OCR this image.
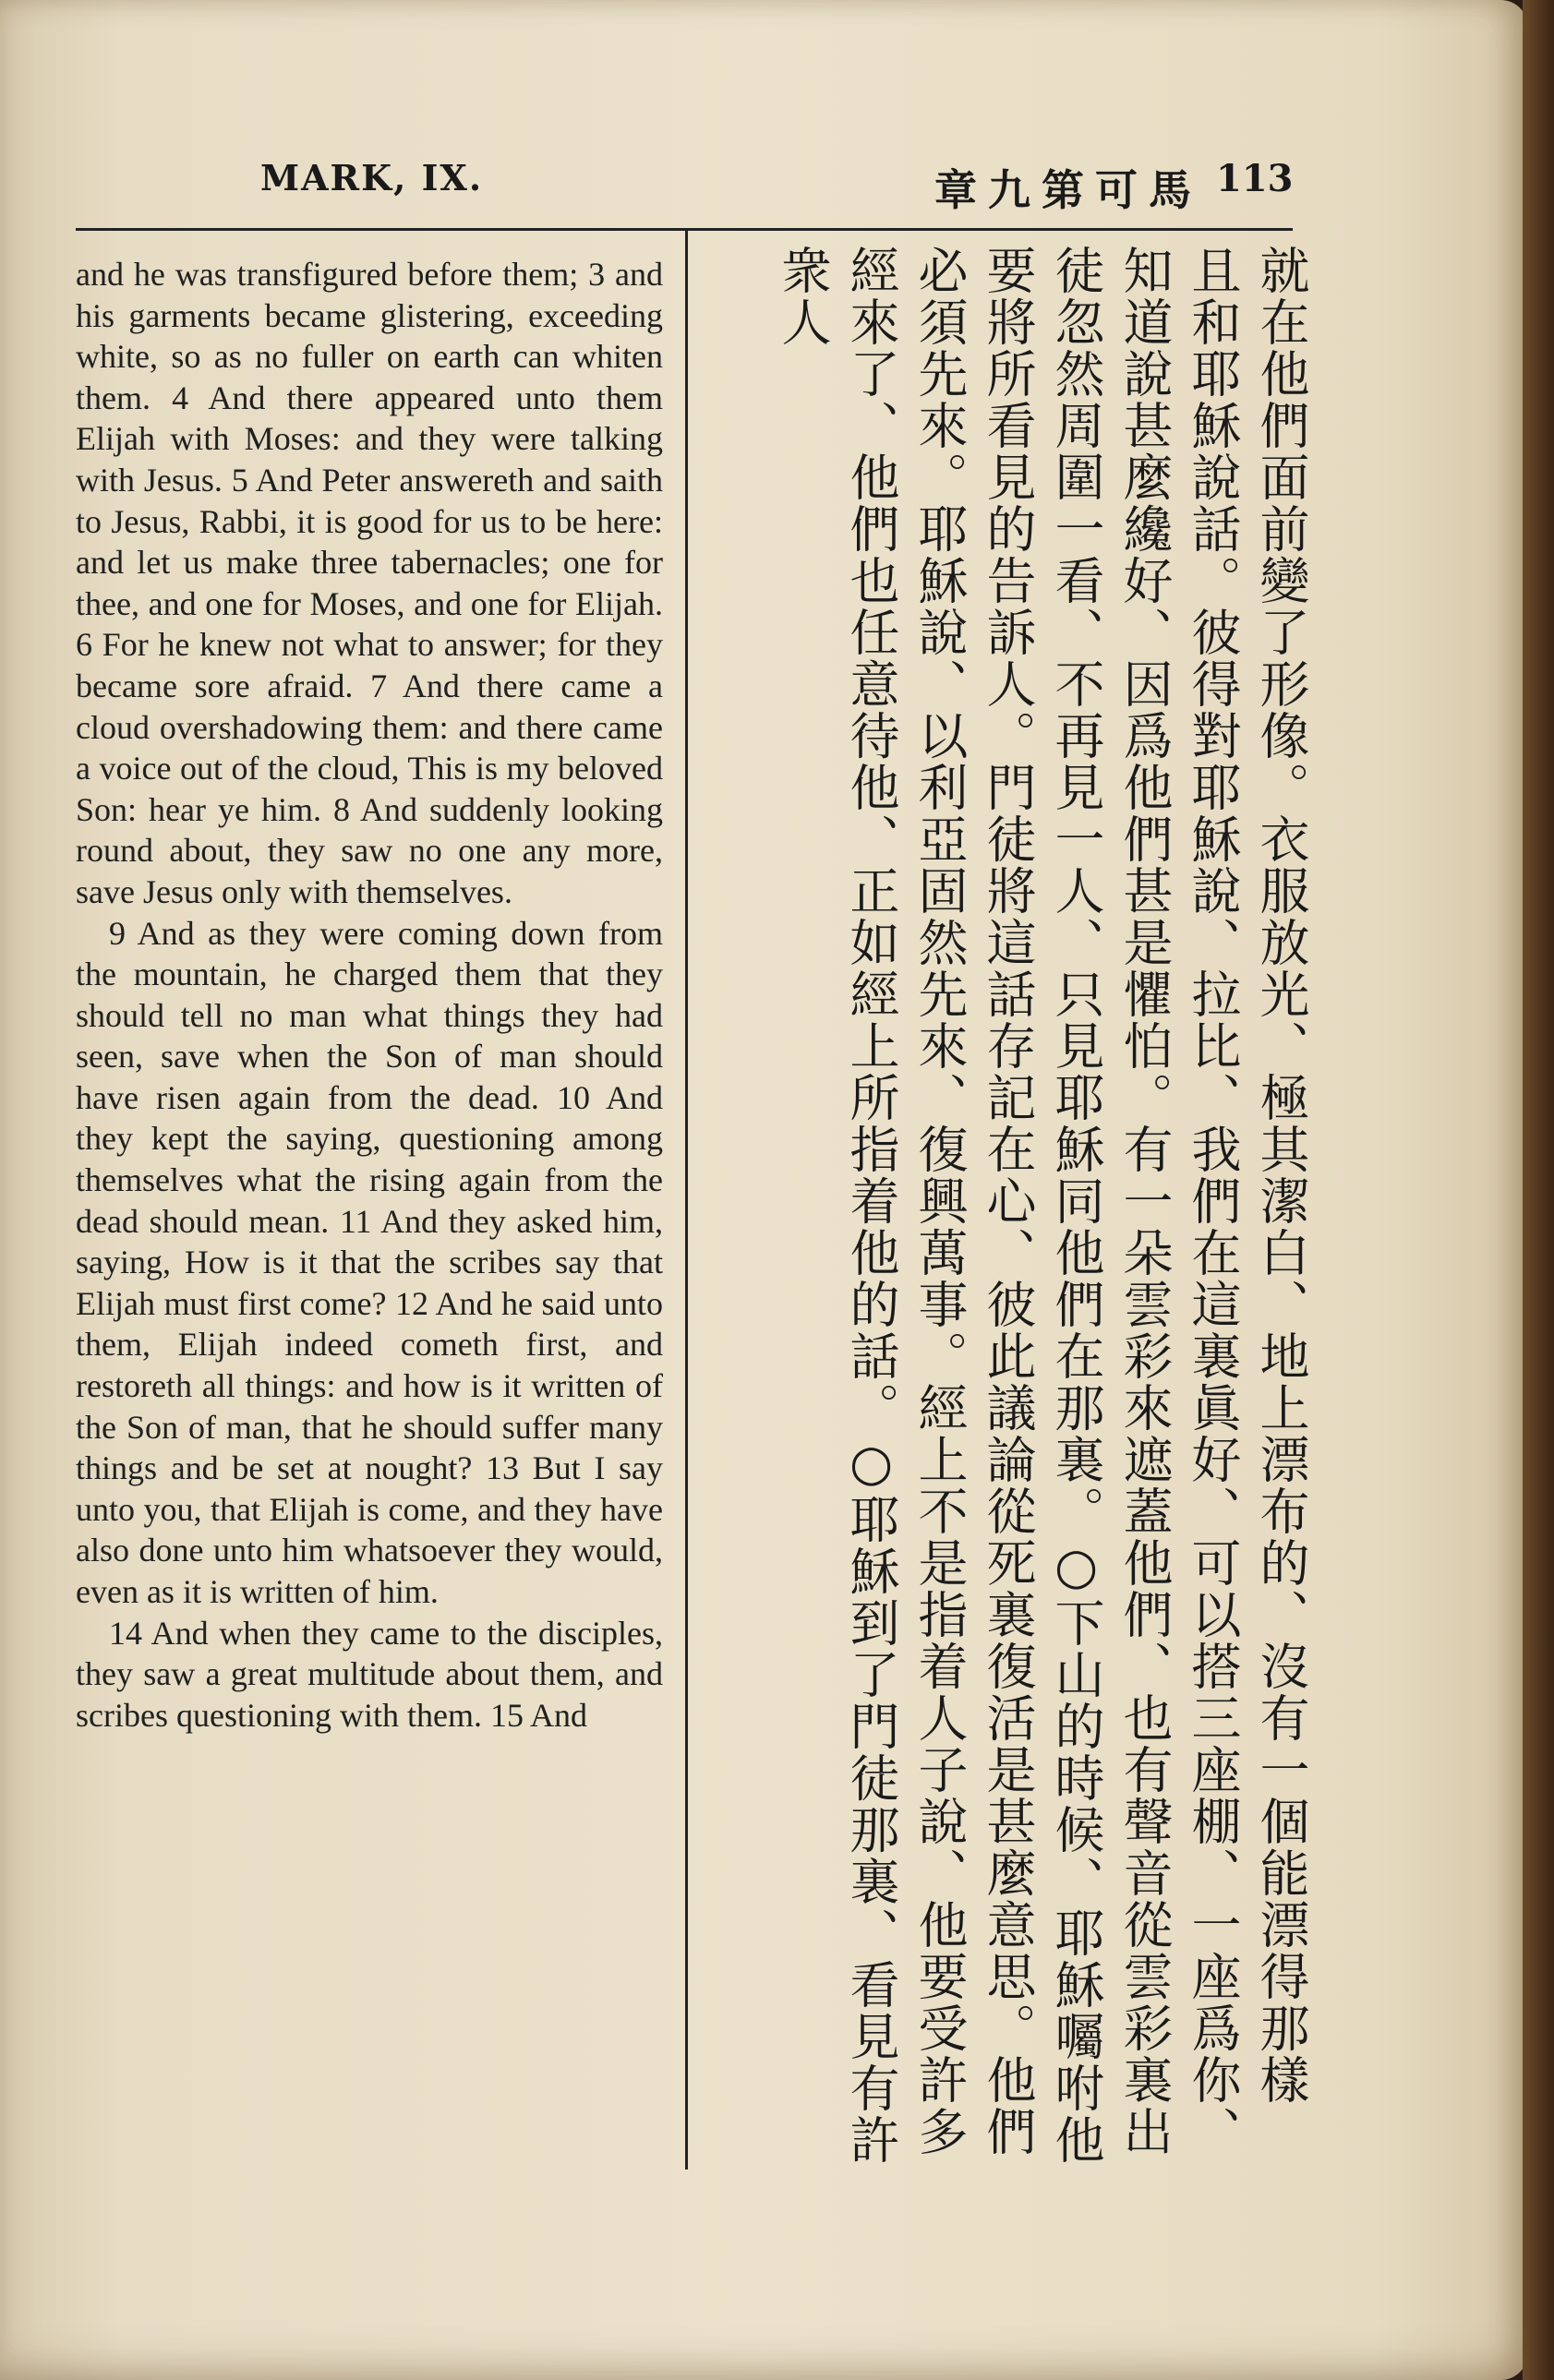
MARK, IX.	章九第可馬 113

and he was transfigured before them; 3 and his garments became glistering, exceeding white, so as no fuller on earth can whiten them. 4 And there appeared unto them Elijah with Moses: and they were talking with Jesus. 5 And Peter answereth and saith to Jesus, Rabbi, it is good for us to be here: and let us make three tabernacles; one for thee, and one for Moses, and one for Elijah. 6 For he knew not what to answer; for they became sore afraid. 7 And there came a cloud overshadowing them: and there came a voice out of the cloud, This is my beloved Son: hear ye him. 8 And suddenly looking round about, they saw no one any more, save Jesus only with themselves.

9 And as they were coming down from the mountain, he charged them that they should tell no man what things they had seen, save when the Son of man should have risen again from the dead. 10 And they kept the saying, questioning among themselves what the rising again from the dead should mean. 11 And they asked him, saying, How is it that the scribes say that Elijah must first come? 12 And he said unto them, Elijah indeed cometh first, and restoreth all things: and how is it written of the Son of man, that he should suffer many things and be set at nought? 13 But I say unto you, that Elijah is come, and they have also done unto him whatsoever they would, even as it is written of him.

14 And when they came to the disciples, they saw a great multitude about them, and scribes questioning with them. 15 And

就在他們面前變了形像。衣服放光、極其潔白、地上漂布的、沒有一個能漂得那樣
且和耶穌說話。彼得對耶穌說、拉比、我們在這裏眞好、可以搭三座棚、一座爲你、
知道說甚麼纔好、因爲他們甚是懼怕。有一朵雲彩來遮蓋他們、也有聲音從雲彩裏出
徒忽然周圍一看、不再見一人、只見耶穌同他們在那裏。○下山的時候、耶穌囑咐他
要將所看見的告訴人。門徒將這話存記在心、彼此議論從死裏復活是甚麼意思。他們
必須先來。耶穌說、以利亞固然先來、復興萬事。經上不是指着人子說、他要受許多
經來了、他們也任意待他、正如經上所指着他的話。○耶穌到了門徒那裏、看見有許
衆人
